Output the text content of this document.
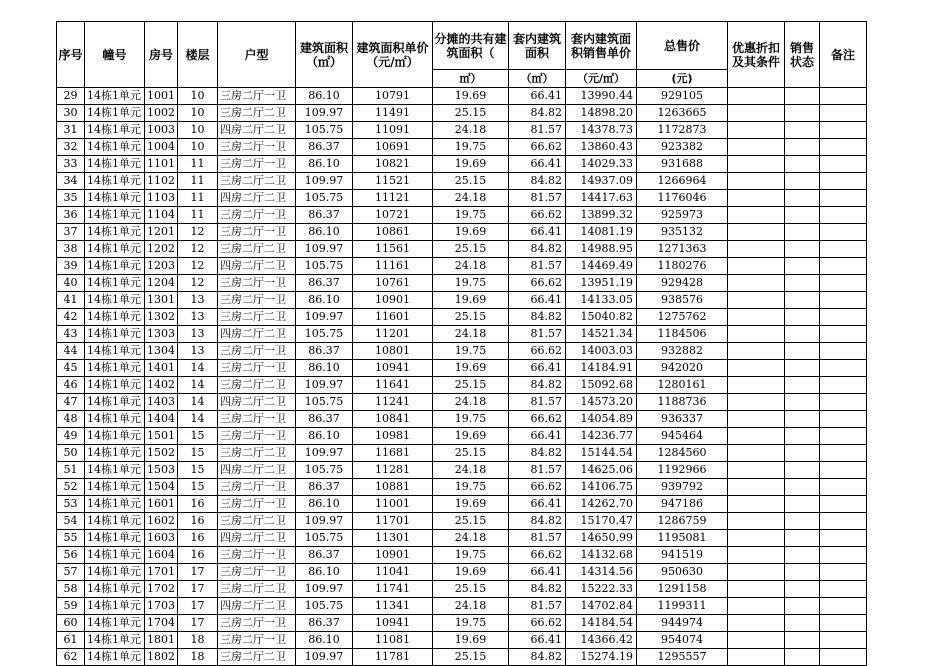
序号	幢号	房号	楼层	户型	建筑面积（㎡）	建筑面积单价（元/㎡）	分摊的共有建筑面积（	套内建筑面积	套内建筑面积销售单价	总售价	优惠折扣及其条件	销售状态	备注
							㎡）	（㎡）	（元/㎡）	(元)			
29	14栋1单元	1001	10	三房二厅一卫	86.10	10791	19.69	66.41	13990.44	929105			
30	14栋1单元	1002	10	三房二厅二卫	109.97	11491	25.15	84.82	14898.20	1263665			
31	14栋1单元	1003	10	四房二厅二卫	105.75	11091	24.18	81.57	14378.73	1172873			
32	14栋1单元	1004	10	三房二厅一卫	86.37	10691	19.75	66.62	13860.43	923382			
33	14栋1单元	1101	11	三房二厅一卫	86.10	10821	19.69	66.41	14029.33	931688			
34	14栋1单元	1102	11	三房二厅二卫	109.97	11521	25.15	84.82	14937.09	1266964			
35	14栋1单元	1103	11	四房二厅二卫	105.75	11121	24.18	81.57	14417.63	1176046			
36	14栋1单元	1104	11	三房二厅一卫	86.37	10721	19.75	66.62	13899.32	925973			
37	14栋1单元	1201	12	三房二厅一卫	86.10	10861	19.69	66.41	14081.19	935132			
38	14栋1单元	1202	12	三房二厅二卫	109.97	11561	25.15	84.82	14988.95	1271363			
39	14栋1单元	1203	12	四房二厅二卫	105.75	11161	24.18	81.57	14469.49	1180276			
40	14栋1单元	1204	12	三房二厅一卫	86.37	10761	19.75	66.62	13951.19	929428			
41	14栋1单元	1301	13	三房二厅一卫	86.10	10901	19.69	66.41	14133.05	938576			
42	14栋1单元	1302	13	三房二厅二卫	109.97	11601	25.15	84.82	15040.82	1275762			
43	14栋1单元	1303	13	四房二厅二卫	105.75	11201	24.18	81.57	14521.34	1184506			
44	14栋1单元	1304	13	三房二厅一卫	86.37	10801	19.75	66.62	14003.03	932882			
45	14栋1单元	1401	14	三房二厅一卫	86.10	10941	19.69	66.41	14184.91	942020			
46	14栋1单元	1402	14	三房二厅二卫	109.97	11641	25.15	84.82	15092.68	1280161			
47	14栋1单元	1403	14	四房二厅二卫	105.75	11241	24.18	81.57	14573.20	1188736			
48	14栋1单元	1404	14	三房二厅一卫	86.37	10841	19.75	66.62	14054.89	936337			
49	14栋1单元	1501	15	三房二厅一卫	86.10	10981	19.69	66.41	14236.77	945464			
50	14栋1单元	1502	15	三房二厅二卫	109.97	11681	25.15	84.82	15144.54	1284560			
51	14栋1单元	1503	15	四房二厅二卫	105.75	11281	24.18	81.57	14625.06	1192966			
52	14栋1单元	1504	15	三房二厅一卫	86.37	10881	19.75	66.62	14106.75	939792			
53	14栋1单元	1601	16	三房二厅一卫	86.10	11001	19.69	66.41	14262.70	947186			
54	14栋1单元	1602	16	三房二厅二卫	109.97	11701	25.15	84.82	15170.47	1286759			
55	14栋1单元	1603	16	四房二厅二卫	105.75	11301	24.18	81.57	14650.99	1195081			
56	14栋1单元	1604	16	三房二厅一卫	86.37	10901	19.75	66.62	14132.68	941519			
57	14栋1单元	1701	17	三房二厅一卫	86.10	11041	19.69	66.41	14314.56	950630			
58	14栋1单元	1702	17	三房二厅二卫	109.97	11741	25.15	84.82	15222.33	1291158			
59	14栋1单元	1703	17	四房二厅二卫	105.75	11341	24.18	81.57	14702.84	1199311			
60	14栋1单元	1704	17	三房二厅一卫	86.37	10941	19.75	66.62	14184.54	944974			
61	14栋1单元	1801	18	三房二厅一卫	86.10	11081	19.69	66.41	14366.42	954074			
62	14栋1单元	1802	18	三房二厅二卫	109.97	11781	25.15	84.82	15274.19	1295557			
